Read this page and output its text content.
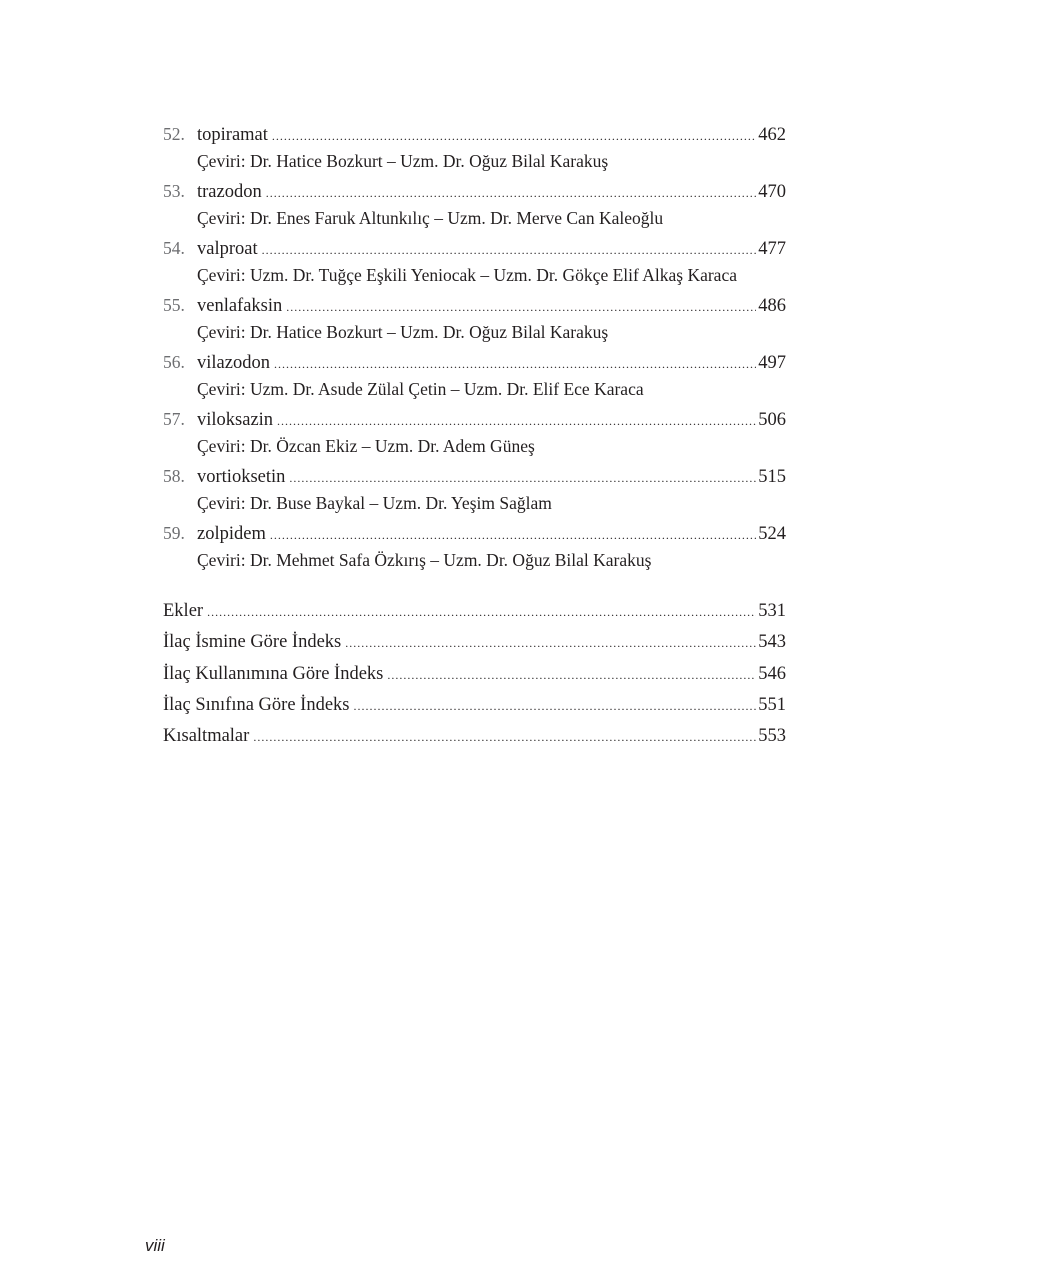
52. topiramat .....	462
Çeviri: Dr. Hatice Bozkurt – Uzm. Dr. Oğuz Bilal Karakuş
53. trazodon .....	470
Çeviri: Dr. Enes Faruk Altunkılıç – Uzm. Dr. Merve Can Kaleoğlu
54. valproat .....	477
Çeviri: Uzm. Dr. Tuğçe Eşkili Yeniocak – Uzm. Dr. Gökçe Elif Alkaş Karaca
55. venlafaksin .....	486
Çeviri: Dr. Hatice Bozkurt – Uzm. Dr. Oğuz Bilal Karakuş
56. vilazodon .....	497
Çeviri: Uzm. Dr. Asude Zülal Çetin – Uzm. Dr. Elif Ece Karaca
57. viloksazin .....	506
Çeviri: Dr. Özcan Ekiz – Uzm. Dr. Adem Güneş
58. vortioksetin .....	515
Çeviri: Dr. Buse Baykal – Uzm. Dr. Yeşim Sağlam
59. zolpidem .....	524
Çeviri: Dr. Mehmet Safa Özkırış – Uzm. Dr. Oğuz Bilal Karakuş
Ekler .....	531
İlaç İsmine Göre İndeks .....	543
İlaç Kullanımına Göre İndeks .....	546
İlaç Sınıfına Göre İndeks .....	551
Kısaltmalar .....	553
viii
